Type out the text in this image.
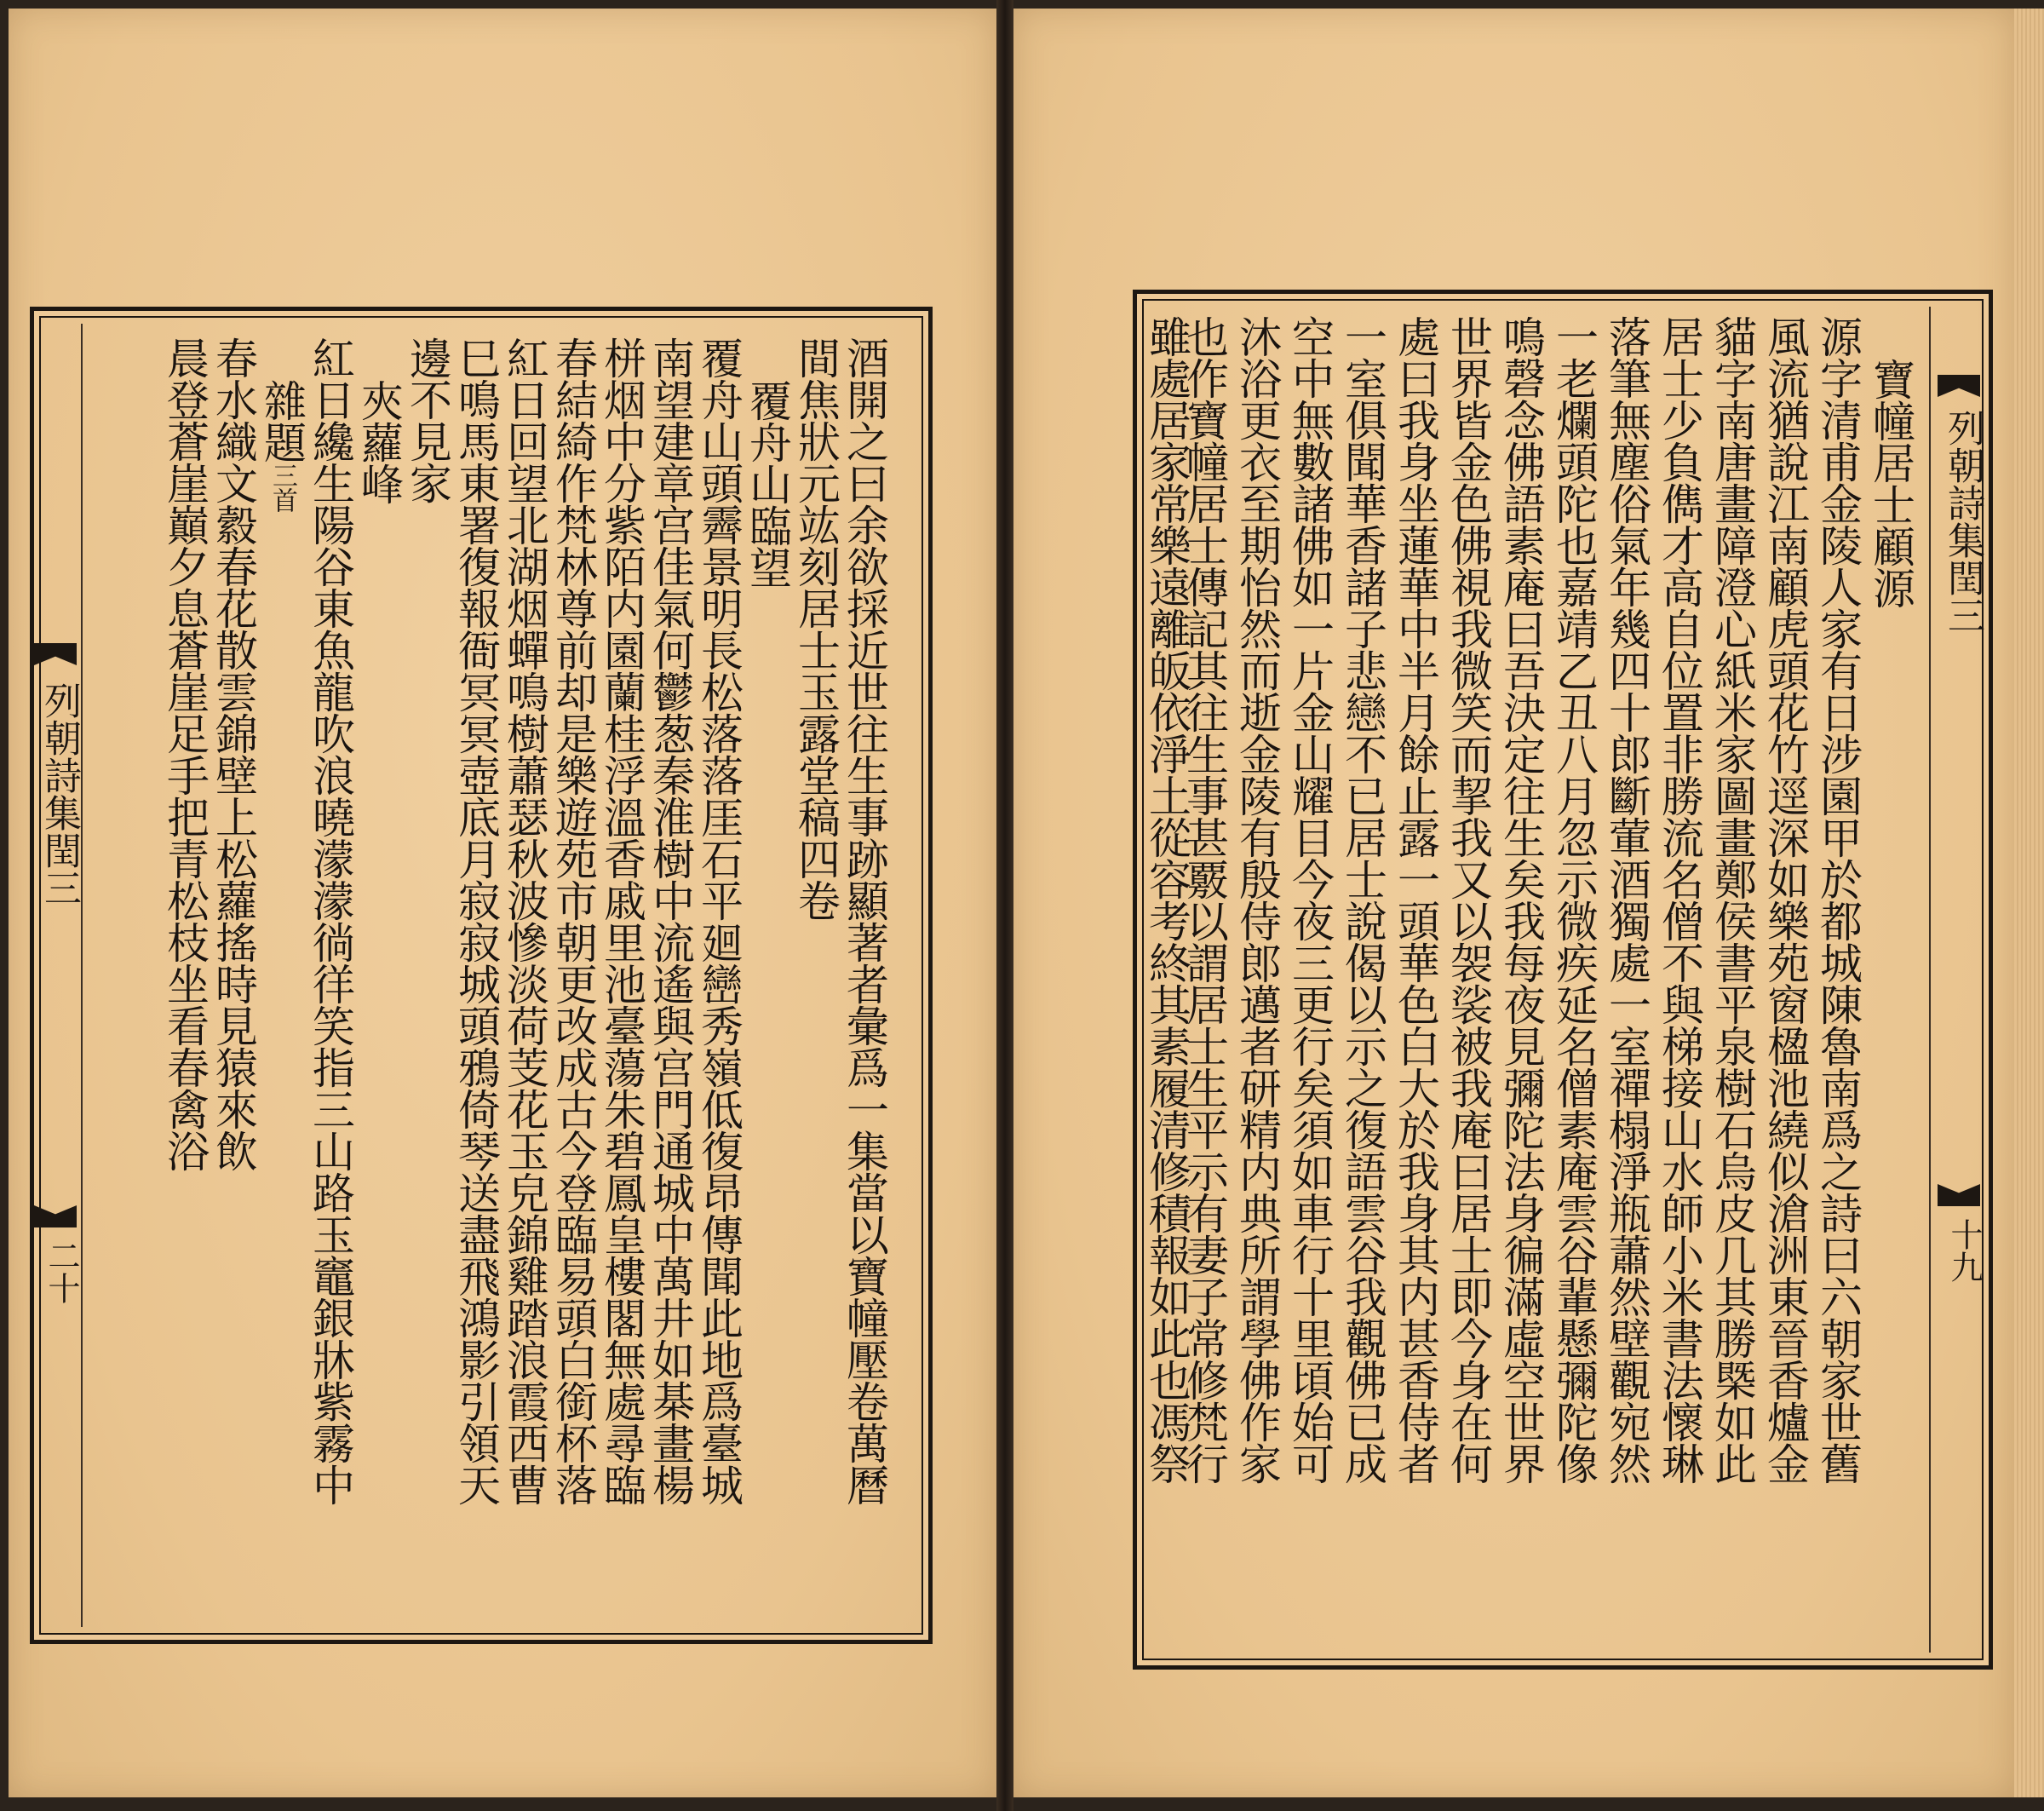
酒開之曰余欲採近世往生事跡顯著者彙爲一集當以寶幢壓卷萬曆
間焦狀元竑刻居士玉露堂稿四卷
覆舟山臨望
覆舟山頭霽景明長松落落厓石平廻巒秀嶺低復昂傳聞此地爲臺城
南望建章宫佳氣何鬱葱秦淮樹中流遙與宫門通城中萬井如棊畫楊
栟烟中分紫陌内園蘭桂浮溫香戚里池臺蕩朱碧鳳皇樓閣無處尋臨
春結綺作梵林尊前却是樂遊苑市朝更改成古今登臨易頭白銜杯落
紅日回望北湖烟蟬鳴樹蕭瑟秋波慘淡荷芰花玉皃錦雞踏浪霞西曹
巳鳴馬東署復報衙冥冥壺底月寂寂城頭鴉倚琴送盡飛鴻影引領天
邊不見家
夾蘿峰
紅日纔生陽谷東魚龍吹浪曉濛濛徜徉笑指三山路玉竈銀牀紫霧中
雜題三首
春水織文縠春花散雲錦壁上松蘿搖時見猿來飲
晨登蒼崖巔夕息蒼崖足手把青松枝坐看春禽浴
列朝詩集閏三
二十
列朝詩集閏三
十九
寶幢居士顧源
源字清甫金陵人家有日涉園甲於都城陳魯南爲之詩曰六朝家世舊
風流猶說江南顧虎頭花竹逕深如樂苑窗楹池繞似滄洲東晉香爐金
貓字南唐畫障澄心紙米家圖畫鄭侯書平泉樹石烏皮几其勝槩如此
居士少負儁才高自位置非勝流名僧不與梯接山水師小米書法懷琳
落筆無塵俗氣年幾四十郎斷葷酒獨處一室禪榻淨瓶蕭然壁觀宛然
一老爛頭陀也嘉靖乙丑八月忽示微疾延名僧素庵雲谷輩懸彌陀像
鳴磬念佛語素庵曰吾決定往生矣我每夜見彌陀法身徧滿虛空世界
世界皆金色佛視我微笑而挈我又以袈裟被我庵曰居士即今身在何
處曰我身坐蓮華中半月餘止露一頭華色白大於我身其内甚香侍者
一室俱聞華香諸子悲戀不已居士說偈以示之復語雲谷我觀佛已成
空中無數諸佛如一片金山耀目今夜三更行矣須如車行十里頃始可
沐浴更衣至期怡然而逝金陵有殷侍郎邁者研精内典所謂學佛作家
也作寶幢居士傳記其往生事甚覈以謂居士生平示有妻子常修梵行
雖處居家常樂遠離皈依淨土從容考終其素履清修積報如此也馮祭
